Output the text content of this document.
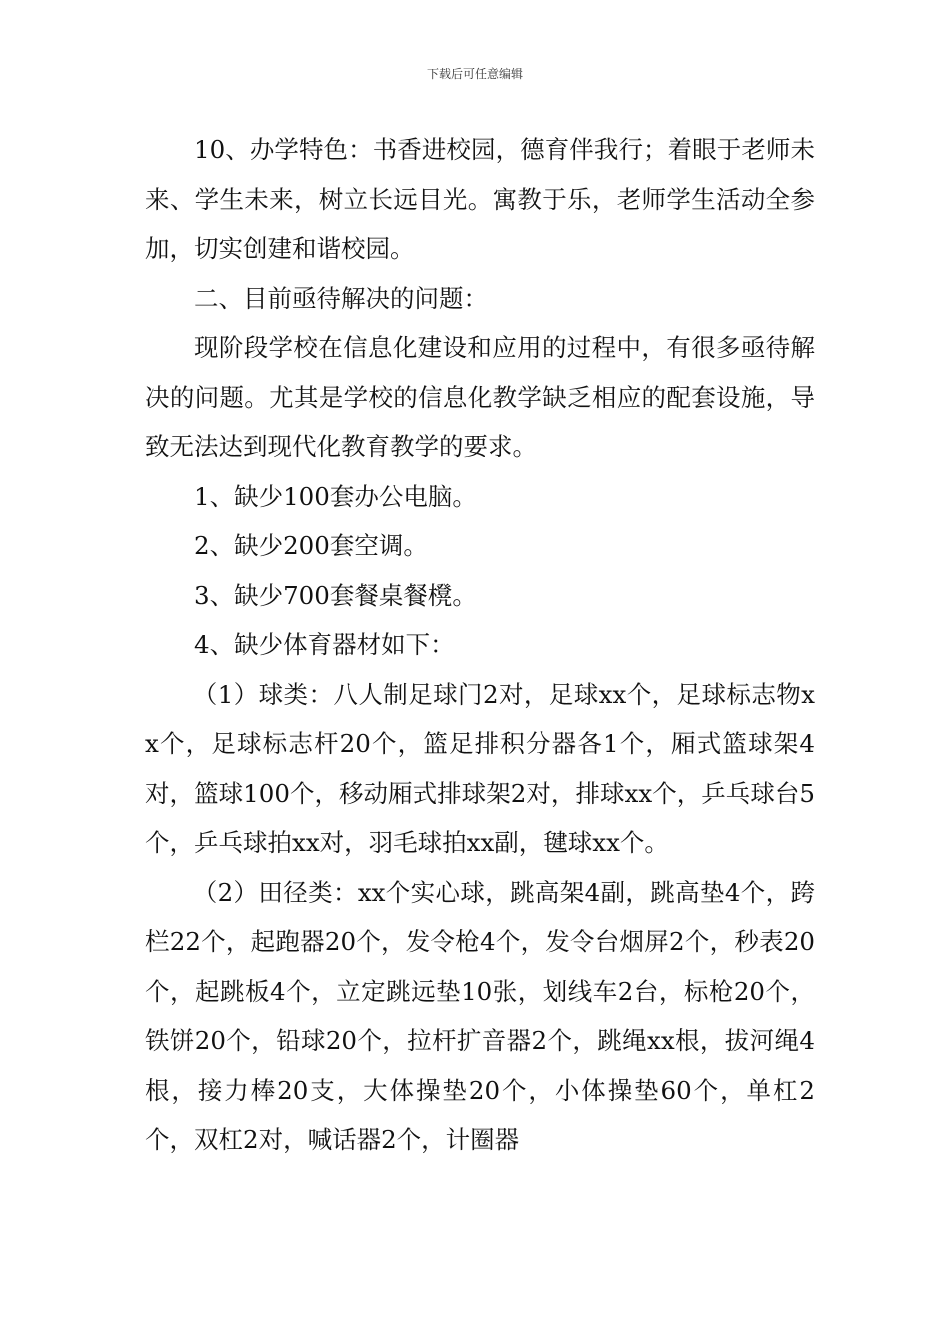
下载后可任意编辑

10、办学特色：书香进校园，德育伴我行；着眼于老师未来、学生未来，树立长远目光。寓教于乐，老师学生活动全参加，切实创建和谐校园。

二、目前亟待解决的问题：

现阶段学校在信息化建设和应用的过程中，有很多亟待解决的问题。尤其是学校的信息化教学缺乏相应的配套设施，导致无法达到现代化教育教学的要求。

1、缺少100套办公电脑。

2、缺少200套空调。

3、缺少700套餐桌餐櫈。

4、缺少体育器材如下：

（1）球类：八人制足球门2对，足球xx个，足球标志物xx个，足球标志杆20个，篮足排积分器各1个，厢式篮球架4对，篮球100个，移动厢式排球架2对，排球xx个，乒乓球台5个，乒乓球拍xx对，羽毛球拍xx副，毽球xx个。

（2）田径类：xx个实心球，跳高架4副，跳高垫4个，跨栏22个，起跑器20个，发令枪4个，发令台烟屏2个，秒表20个，起跳板4个，立定跳远垫10张，划线车2台，标枪20个，铁饼20个，铅球20个，拉杆扩音器2个，跳绳xx根，拔河绳4根，接力棒20支，大体操垫20个，小体操垫60个，单杠2个，双杠2对，喊话器2个，计圈器
